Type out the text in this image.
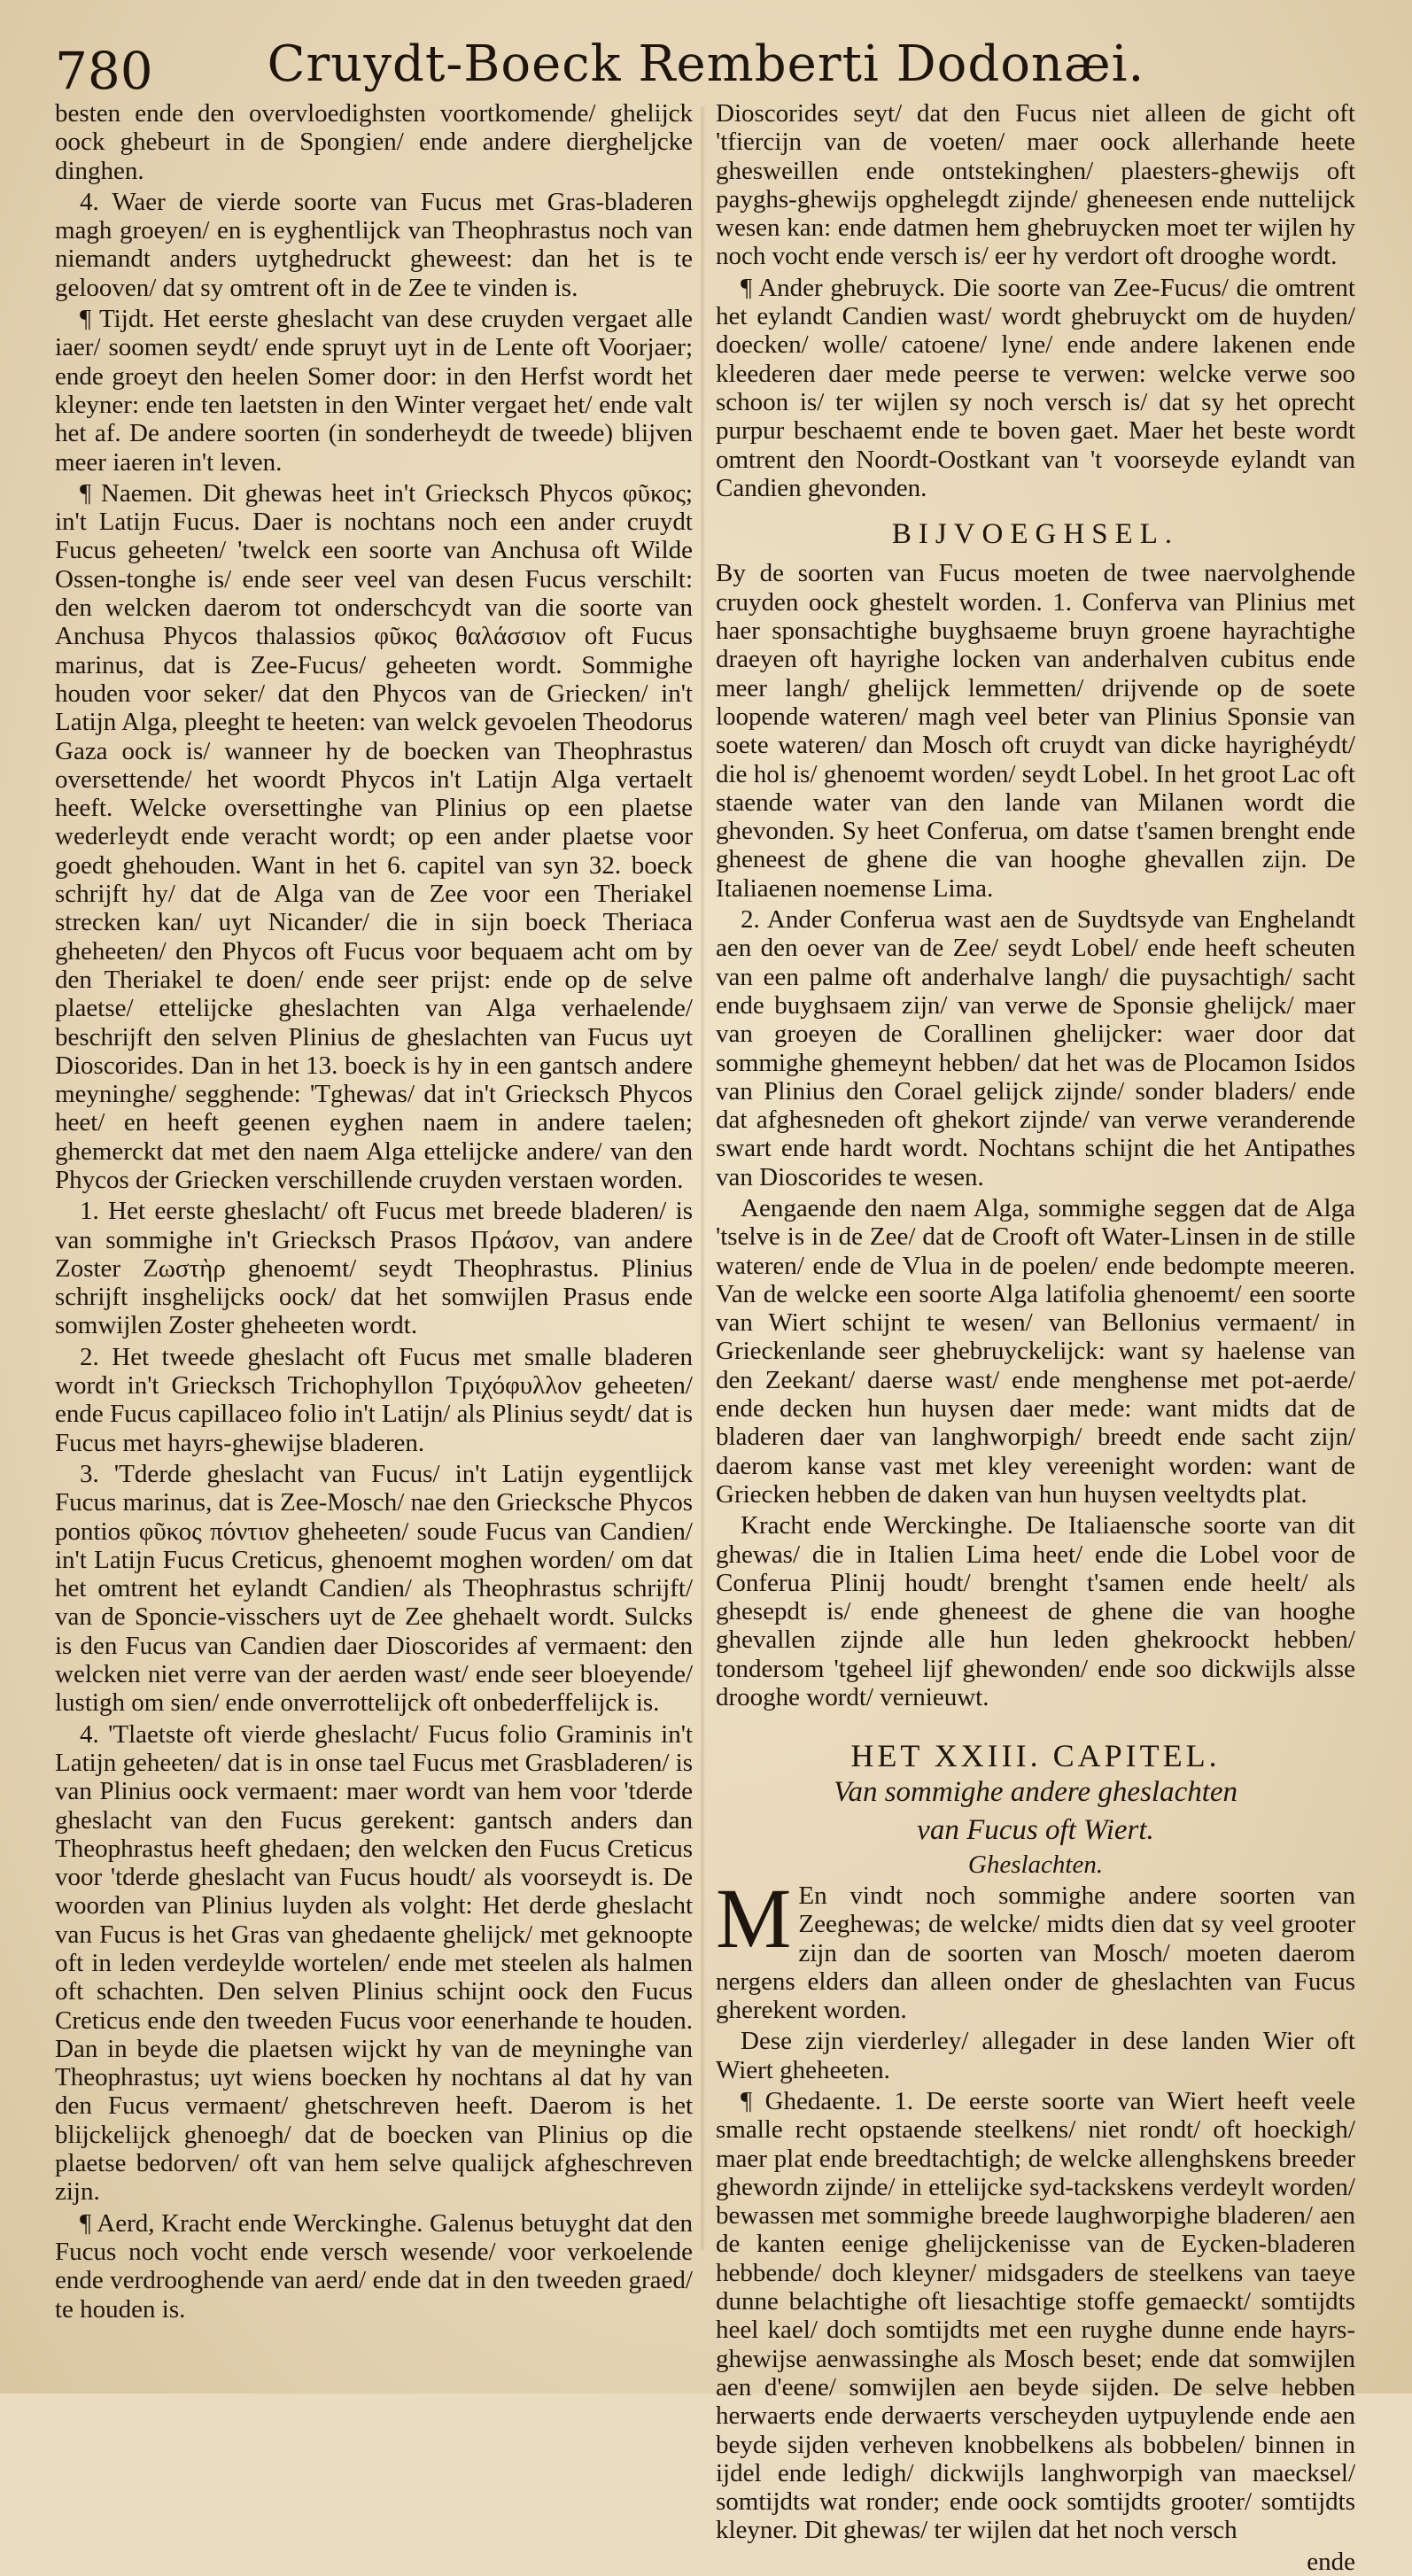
780	Cruydt-Boeck Remberti Dodonæi.

besten ende den overvloedighsten voortkomende/ ghelijck oock ghebeurt in de Spongien/ ende andere diergheljcke dinghen.

4. Waer de vierde soorte van Fucus met Gras-bladeren magh groeyen/ en is eyghentlijck van Theophrastus noch van niemandt anders uytghedruckt gheweest: dan het is te gelooven/ dat sy omtrent oft in de Zee te vinden is.

¶ Tijdt. Het eerste gheslacht van dese cruyden vergaet alle iaer/ soomen seydt/ ende spruyt uyt in de Lente oft Voorjaer; ende groeyt den heelen Somer door: in den Herfst wordt het kleyner: ende ten laetsten in den Winter vergaet het/ ende valt het af. De andere soorten (in sonderheydt de tweede) blijven meer iaeren in't leven.

¶ Naemen. Dit ghewas heet in't Griecksch Phycos φῦκος; in't Latijn Fucus. Daer is nochtans noch een ander cruydt Fucus geheeten/ 'twelck een soorte van Anchusa oft Wilde Ossen-tonghe is/ ende seer veel van desen Fucus verschilt: den welcken daerom tot onderschcydt van die soorte van Anchusa Phycos thalassios φῦκος θαλάσσιον oft Fucus marinus, dat is Zee-Fucus/ geheeten wordt. Sommighe houden voor seker/ dat den Phycos van de Griecken/ in't Latijn Alga, pleeght te heeten: van welck gevoelen Theodorus Gaza oock is/ wanneer hy de boecken van Theophrastus oversettende/ het woordt Phycos in't Latijn Alga vertaelt heeft. Welcke oversettinghe van Plinius op een plaetse wederleydt ende veracht wordt; op een ander plaetse voor goedt ghehouden. Want in het 6. capitel van syn 32. boeck schrijft hy/ dat de Alga van de Zee voor een Theriakel strecken kan/ uyt Nicander/ die in sijn boeck Theriaca gheheeten/ den Phycos oft Fucus voor bequaem acht om by den Theriakel te doen/ ende seer prijst: ende op de selve plaetse/ ettelijcke gheslachten van Alga verhaelende/ beschrijft den selven Plinius de gheslachten van Fucus uyt Dioscorides. Dan in het 13. boeck is hy in een gantsch andere meyninghe/ segghende: 'Tghewas/ dat in't Griecksch Phycos heet/ en heeft geenen eyghen naem in andere taelen; ghemerckt dat met den naem Alga ettelijcke andere/ van den Phycos der Griecken verschillende cruyden verstaen worden.

1. Het eerste gheslacht/ oft Fucus met breede bladeren/ is van sommighe in't Griecksch Prasos Πράσον, van andere Zoster Ζωστὴρ ghenoemt/ seydt Theophrastus. Plinius schrijft insghelijcks oock/ dat het somwijlen Prasus ende somwijlen Zoster gheheeten wordt.

2. Het tweede gheslacht oft Fucus met smalle bladeren wordt in't Griecksch Trichophyllon Τριχόφυλλον geheeten/ ende Fucus capillaceo folio in't Latijn/ als Plinius seydt/ dat is Fucus met hayrs-ghewijse bladeren.

3. 'Tderde gheslacht van Fucus/ in't Latijn eygentlijck Fucus marinus, dat is Zee-Mosch/ nae den Griecksche Phycos pontios φῦκος πόντιον gheheeten/ soude Fucus van Candien/ in't Latijn Fucus Creticus, ghenoemt moghen worden/ om dat het omtrent het eylandt Candien/ als Theophrastus schrijft/ van de Sponcie-visschers uyt de Zee ghehaelt wordt. Sulcks is den Fucus van Candien daer Dioscorides af vermaent: den welcken niet verre van der aerden wast/ ende seer bloeyende/ lustigh om sien/ ende onverrottelijck oft onbederffelijck is.

4. 'Tlaetste oft vierde gheslacht/ Fucus folio Graminis in't Latijn geheeten/ dat is in onse tael Fucus met Grasbladeren/ is van Plinius oock vermaent: maer wordt van hem voor 'tderde gheslacht van den Fucus gerekent: gantsch anders dan Theophrastus heeft ghedaen; den welcken den Fucus Creticus voor 'tderde gheslacht van Fucus houdt/ als voorseydt is. De woorden van Plinius luyden als volght: Het derde gheslacht van Fucus is het Gras van ghedaente ghelijck/ met geknoopte oft in leden verdeylde wortelen/ ende met steelen als halmen oft schachten. Den selven Plinius schijnt oock den Fucus Creticus ende den tweeden Fucus voor eenerhande te houden. Dan in beyde die plaetsen wijckt hy van de meyninghe van Theophrastus; uyt wiens boecken hy nochtans al dat hy van den Fucus vermaent/ ghetschreven heeft. Daerom is het blijckelijck ghenoegh/ dat de boecken van Plinius op die plaetse bedorven/ oft van hem selve qualijck afgheschreven zijn.

¶ Aerd, Kracht ende Werckinghe. Galenus betuyght dat den Fucus noch vocht ende versch wesende/ voor verkoelende ende verdrooghende van aerd/ ende dat in den tweeden graed/ te houden is.

Dioscorides seyt/ dat den Fucus niet alleen de gicht oft 'tfiercijn van de voeten/ maer oock allerhande heete ghesweillen ende ontstekinghen/ plaesters-ghewijs oft payghs-ghewijs opghelegdt zijnde/ gheneesen ende nuttelijck wesen kan: ende datmen hem ghebruycken moet ter wijlen hy noch vocht ende versch is/ eer hy verdort oft drooghe wordt.

¶ Ander ghebruyck. Die soorte van Zee-Fucus/ die omtrent het eylandt Candien wast/ wordt ghebruyckt om de huyden/ doecken/ wolle/ catoene/ lyne/ ende andere lakenen ende kleederen daer mede peerse te verwen: welcke verwe soo schoon is/ ter wijlen sy noch versch is/ dat sy het oprecht purpur beschaemt ende te boven gaet. Maer het beste wordt omtrent den Noordt-Oostkant van 't voorseyde eylandt van Candien ghevonden.

BIJVOEGHSEL.

By de soorten van Fucus moeten de twee naervolghende cruyden oock ghestelt worden. 1. Conferva van Plinius met haer sponsachtighe buyghsaeme bruyn groene hayrachtighe draeyen oft hayrighe locken van anderhalven cubitus ende meer langh/ ghelijck lemmetten/ drijvende op de soete loopende wateren/ magh veel beter van Plinius Sponsie van soete wateren/ dan Mosch oft cruydt van dicke hayrighéydt/ die hol is/ ghenoemt worden/ seydt Lobel. In het groot Lac oft staende water van den lande van Milanen wordt die ghevonden. Sy heet Conferua, om datse t'samen brenght ende gheneest de ghene die van hooghe ghevallen zijn. De Italiaenen noemense Lima.

2. Ander Conferua wast aen de Suydtsyde van Enghelandt aen den oever van de Zee/ seydt Lobel/ ende heeft scheuten van een palme oft anderhalve langh/ die puysachtigh/ sacht ende buyghsaem zijn/ van verwe de Sponsie ghelijck/ maer van groeyen de Corallinen ghelijcker: waer door dat sommighe ghemeynt hebben/ dat het was de Plocamon Isidos van Plinius den Corael gelijck zijnde/ sonder bladers/ ende dat afghesneden oft ghekort zijnde/ van verwe veranderende swart ende hardt wordt. Nochtans schijnt die het Antipathes van Dioscorides te wesen.

Aengaende den naem Alga, sommighe seggen dat de Alga 'tselve is in de Zee/ dat de Crooft oft Water-Linsen in de stille wateren/ ende de Vlua in de poelen/ ende bedompte meeren. Van de welcke een soorte Alga latifolia ghenoemt/ een soorte van Wiert schijnt te wesen/ van Bellonius vermaent/ in Grieckenlande seer ghebruyckelijck: want sy haelense van den Zeekant/ daerse wast/ ende menghense met pot-aerde/ ende decken hun huysen daer mede: want midts dat de bladeren daer van langhworpigh/ breedt ende sacht zijn/ daerom kanse vast met kley vereenight worden: want de Griecken hebben de daken van hun huysen veeltydts plat.

Kracht ende Werckinghe. De Italiaensche soorte van dit ghewas/ die in Italien Lima heet/ ende die Lobel voor de Conferua Plinij houdt/ brenght t'samen ende heelt/ als ghesepdt is/ ende gheneest de ghene die van hooghe ghevallen zijnde alle hun leden ghekroockt hebben/ tondersom 'tgeheel lijf ghewonden/ ende soo dickwijls alsse drooghe wordt/ vernieuwt.

HET XXIII. CAPITEL.

Van sommighe andere gheslachten

van Fucus oft Wiert.

Gheslachten.

M En vindt noch sommighe andere soorten van Zeeghewas; de welcke/ midts dien dat sy veel grooter zijn dan de soorten van Mosch/ moeten daerom nergens elders dan alleen onder de gheslachten van Fucus gherekent worden.

Dese zijn vierderley/ allegader in dese landen Wier oft Wiert gheheeten.

¶ Ghedaente. 1. De eerste soorte van Wiert heeft veele smalle recht opstaende steelkens/ niet rondt/ oft hoeckigh/ maer plat ende breedtachtigh; de welcke allenghskens breeder ghewordn zijnde/ in ettelijcke syd-tackskens verdeylt worden/ bewassen met sommighe breede laughworpighe bladeren/ aen de kanten eenige ghelijckenisse van de Eycken-bladeren hebbende/ doch kleyner/ midsgaders de steelkens van taeye dunne belachtighe oft liesachtige stoffe gemaeckt/ somtijdts heel kael/ doch somtijdts met een ruyghe dunne ende hayrs-ghewijse aenwassinghe als Mosch beset; ende dat somwijlen aen d'eene/ somwijlen aen beyde sijden. De selve hebben herwaerts ende derwaerts verscheyden uytpuylende ende aen beyde sijden verheven knobbelkens als bobbelen/ binnen in ijdel ende ledigh/ dickwijls langhworpigh van maecksel/ somtijdts wat ronder; ende oock somtijdts grooter/ somtijdts kleyner. Dit ghewas/ ter wijlen dat het noch versch

ende
